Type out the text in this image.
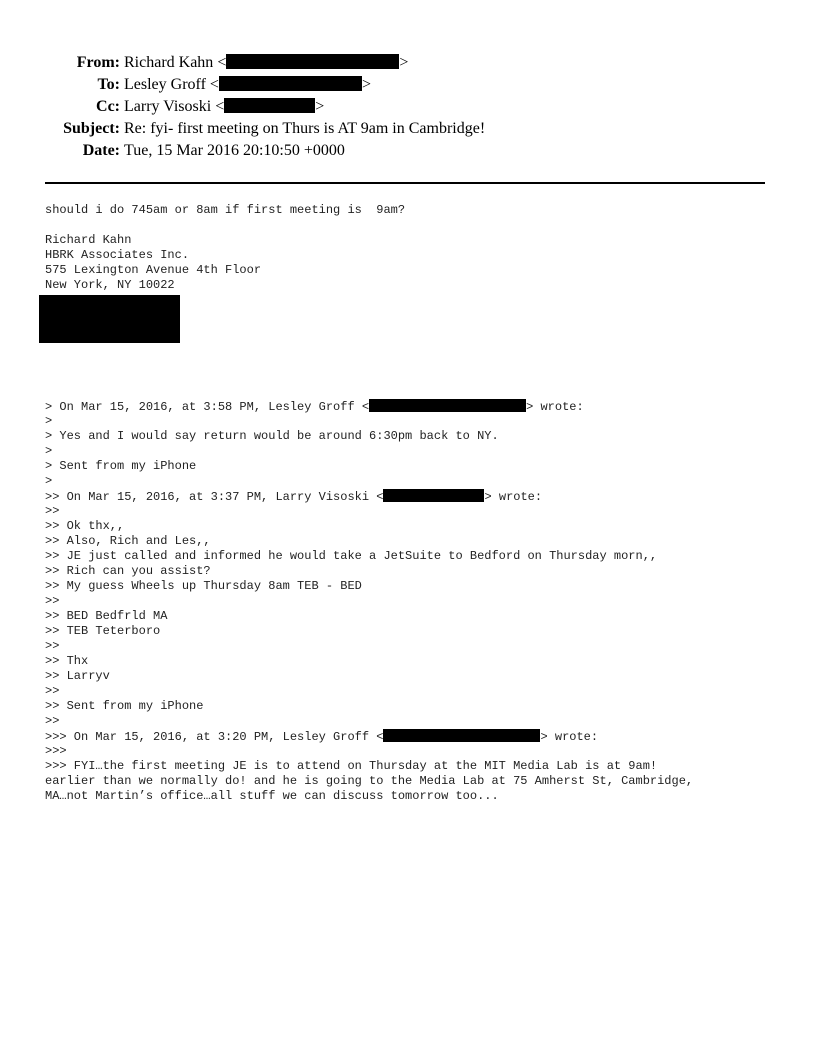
From: Richard Kahn <	>
To: Lesley Groff <	>
Cc: Larry Visoski <	>
Subject: Re: fyi- first meeting on Thurs is AT 9am in Cambridge!
Date: Tue, 15 Mar 2016 20:10:50 +0000
should i do 745am or 8am if first meeting is  9am?
Richard Kahn
HBRK Associates Inc.
575 Lexington Avenue 4th Floor
New York, NY 10022
> On Mar 15, 2016, at 3:58 PM, Lesley Groff <	> wrote:
>
> Yes and I would say return would be around 6:30pm back to NY.
>
> Sent from my iPhone
>
>> On Mar 15, 2016, at 3:37 PM, Larry Visoski <	> wrote:
>>
>> Ok thx,,
>> Also, Rich and Les,,
>> JE just called and informed he would take a JetSuite to Bedford on Thursday morn,,
>> Rich can you assist?
>> My guess Wheels up Thursday 8am TEB - BED
>>
>> BED Bedfrld MA
>> TEB Teterboro
>>
>> Thx
>> Larryv
>>
>> Sent from my iPhone
>>
>>> On Mar 15, 2016, at 3:20 PM, Lesley Groff <	> wrote:
>>>
>>> FYI…the first meeting JE is to attend on Thursday at the MIT Media Lab is at 9am!
earlier than we normally do! and he is going to the Media Lab at 75 Amherst St, Cambridge,
MA…not Martin’s office…all stuff we can discuss tomorrow too...
